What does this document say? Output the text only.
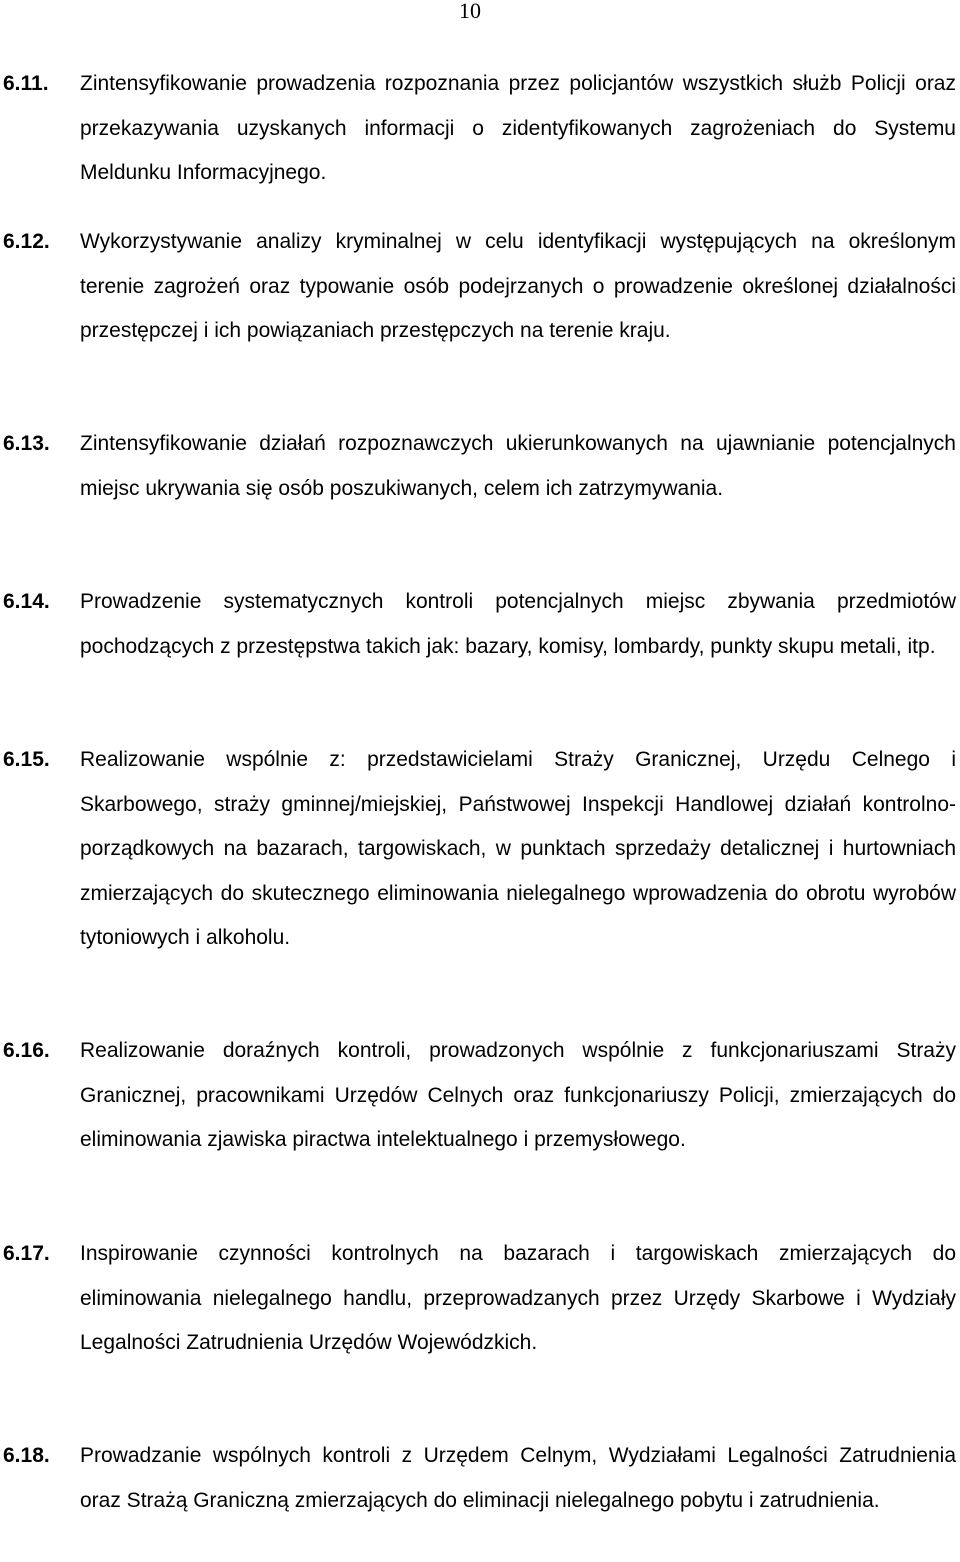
10
6.11. Zintensyfikowanie prowadzenia rozpoznania przez policjantów wszystkich służb Policji oraz przekazywania uzyskanych informacji o zidentyfikowanych zagrożeniach do Systemu Meldunku Informacyjnego.

6.12. Wykorzystywanie analizy kryminalnej w celu identyfikacji występujących na określonym terenie zagrożeń oraz typowanie osób podejrzanych o prowadzenie określonej działalności przestępczej i ich powiązaniach przestępczych na terenie kraju.

6.13. Zintensyfikowanie działań rozpoznawczych ukierunkowanych na ujawnianie potencjalnych miejsc ukrywania się osób poszukiwanych, celem ich zatrzymywania.

6.14. Prowadzenie systematycznych kontroli potencjalnych miejsc zbywania przedmiotów pochodzących z przestępstwa takich jak: bazary, komisy, lombardy, punkty skupu metali, itp.

6.15. Realizowanie wspólnie z: przedstawicielami Straży Granicznej, Urzędu Celnego i Skarbowego, straży gminnej/miejskiej, Państwowej Inspekcji Handlowej działań kontrolno-porządkowych na bazarach, targowiskach, w punktach sprzedaży detalicznej i hurtowniach zmierzających do skutecznego eliminowania nielegalnego wprowadzenia do obrotu wyrobów tytoniowych i alkoholu.

6.16. Realizowanie doraźnych kontroli, prowadzonych wspólnie z funkcjonariuszami Straży Granicznej, pracownikami Urzędów Celnych oraz funkcjonariuszy Policji, zmierzających do eliminowania zjawiska piractwa intelektualnego i przemysłowego.

6.17. Inspirowanie czynności kontrolnych na bazarach i targowiskach zmierzających do eliminowania nielegalnego handlu, przeprowadzanych przez Urzędy Skarbowe i Wydziały Legalności Zatrudnienia Urzędów Wojewódzkich.

6.18. Prowadzanie wspólnych kontroli z Urzędem Celnym, Wydziałami Legalności Zatrudnienia oraz Strażą Graniczną zmierzających do eliminacji nielegalnego pobytu i zatrudnienia.
